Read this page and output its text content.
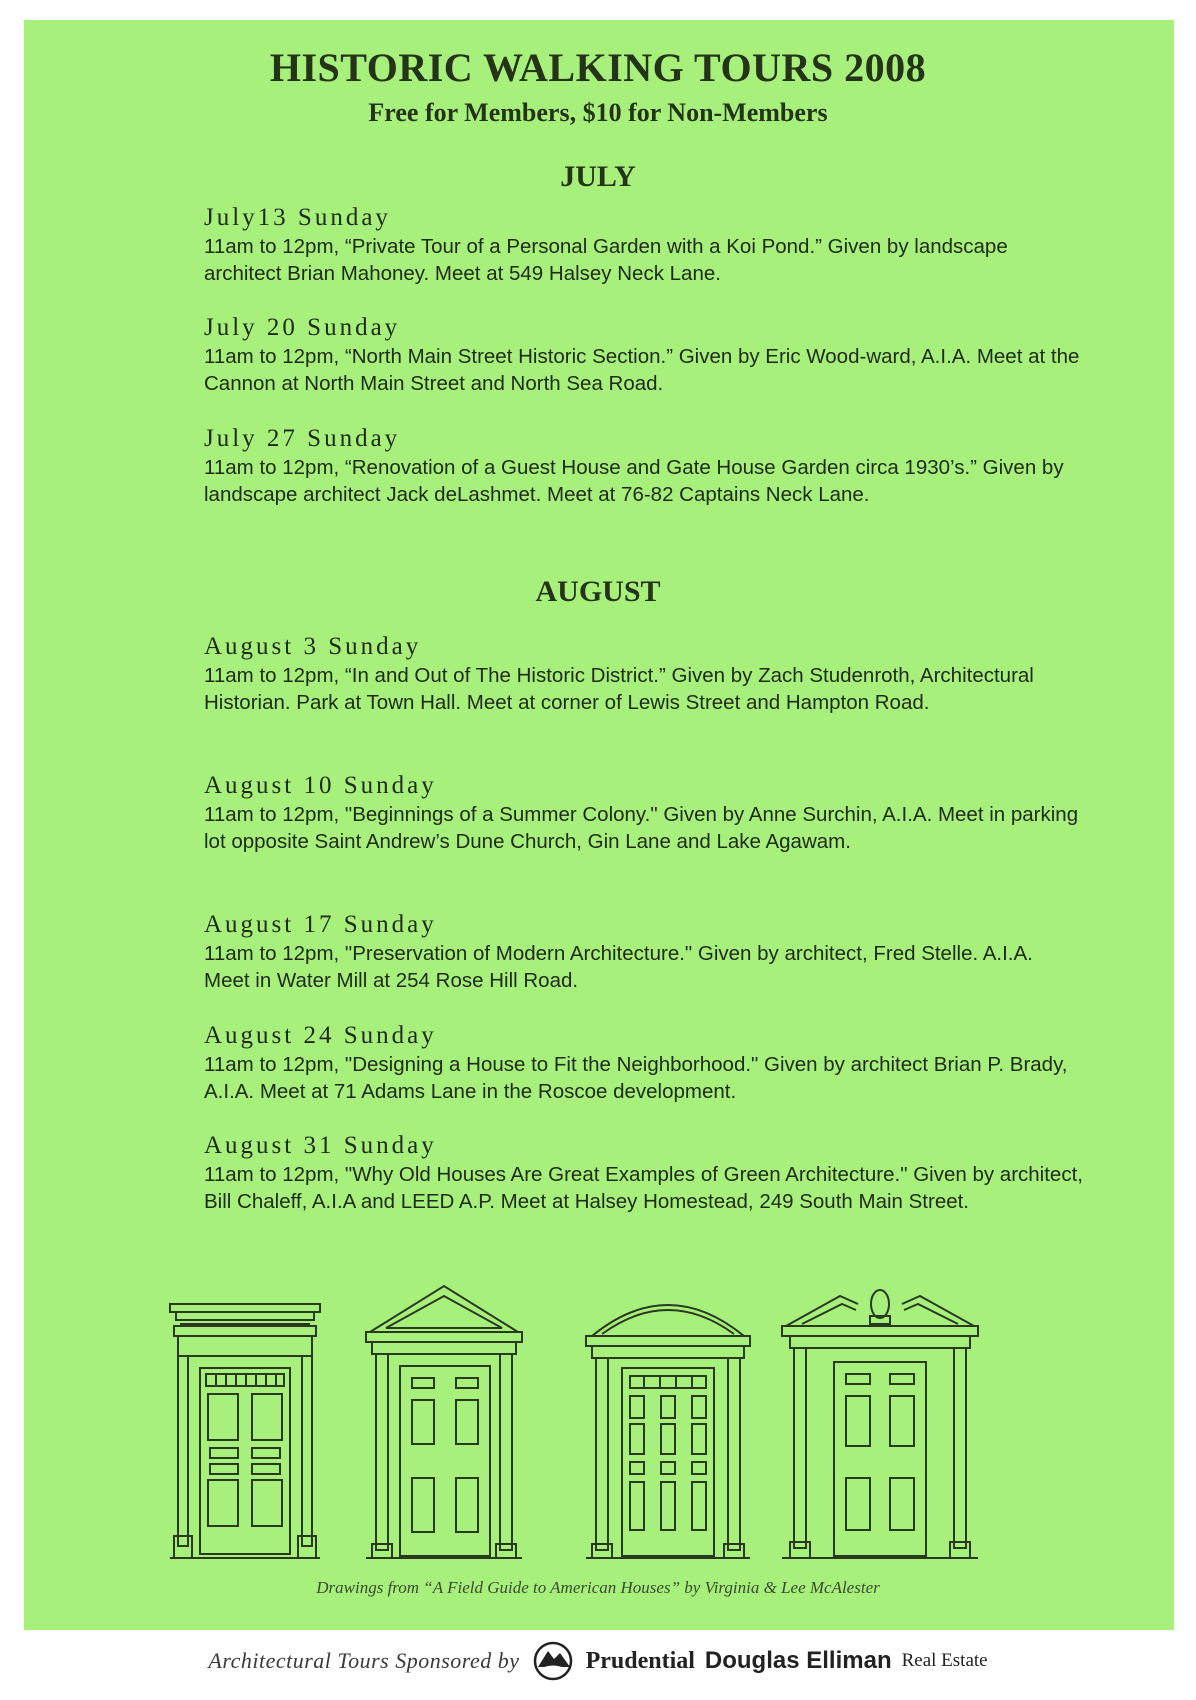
HISTORIC WALKING TOURS 2008
Free for Members, $10 for Non-Members
JULY
July13 Sunday

11am to 12pm, “Private Tour of a Personal Garden with a Koi Pond.” Given by landscape architect Brian Mahoney. Meet at 549 Halsey Neck Lane.

July 20 Sunday

11am to 12pm, “North Main Street Historic Section.” Given by Eric Wood-ward, A.I.A. Meet at the Cannon at North Main Street and North Sea Road.

July 27 Sunday

11am to 12pm, “Renovation of a Guest House and Gate House Garden circa 1930’s.” Given by landscape architect Jack deLashmet. Meet at 76-82 Captains Neck Lane.

AUGUST
August 3 Sunday

11am to 12pm, “In and Out of The Historic District.” Given by Zach Studenroth, Architectural Historian. Park at Town Hall. Meet at corner of Lewis Street and Hampton Road.

August 10 Sunday

11am to 12pm, "Beginnings of a Summer Colony." Given by Anne Surchin, A.I.A. Meet in parking lot opposite Saint Andrew’s Dune Church, Gin Lane and Lake Agawam.

August 17 Sunday

11am to 12pm, "Preservation of Modern Architecture." Given by architect, Fred Stelle. A.I.A. Meet in Water Mill at 254 Rose Hill Road.

August 24 Sunday

11am to 12pm, "Designing a House to Fit the Neighborhood." Given by architect Brian P. Brady, A.I.A. Meet at 71 Adams Lane in the Roscoe development.

August 31 Sunday

11am to 12pm, "Why Old Houses Are Great Examples of Green Architecture." Given by architect, Bill Chaleff, A.I.A and LEED A.P. Meet at Halsey Homestead, 249 South Main Street.

Drawings from “A Field Guide to American Houses” by Virginia & Lee McAlester
Architectural Tours Sponsored by	Prudential Douglas Elliman Real Estate
